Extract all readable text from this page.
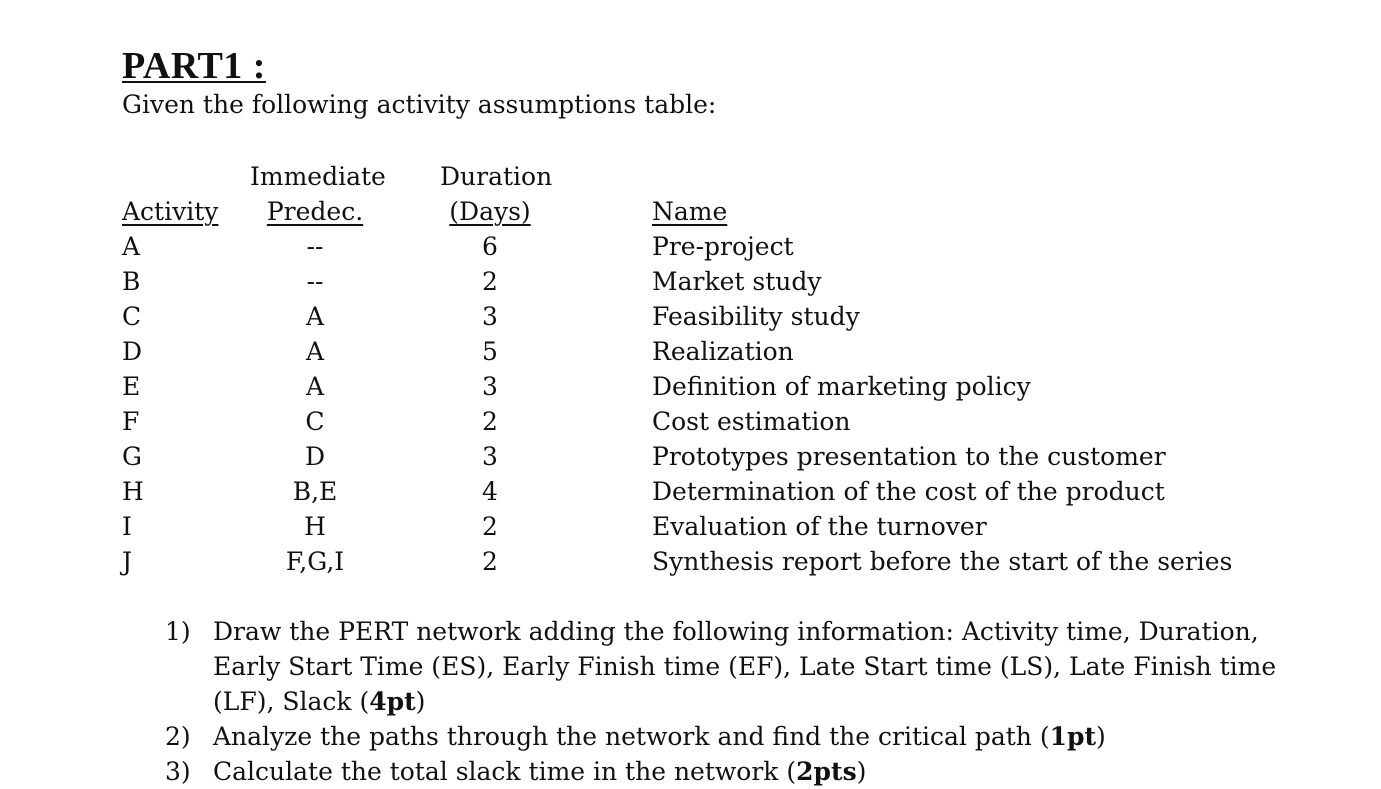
PART1 :
Given the following activity assumptions table:
Immediate Duration
Activity	Predec.	(Days)	Name
A	--	6	Pre-project
B	--	2	Market study
C	A	3	Feasibility study
D	A	5	Realization
E	A	3	Definition of marketing policy
F	C	2	Cost estimation
G	D	3	Prototypes presentation to the customer
H	B,E	4	Determination of the cost of the product
I	H	2	Evaluation of the turnover
J	F,G,I	2	Synthesis report before the start of the series
1) Draw the PERT network adding the following information: Activity time, Duration, Early Start Time (ES), Early Finish time (EF), Late Start time (LS), Late Finish time (LF), Slack (4pt)
2) Analyze the paths through the network and find the critical path (1pt)
3) Calculate the total slack time in the network (2pts)
